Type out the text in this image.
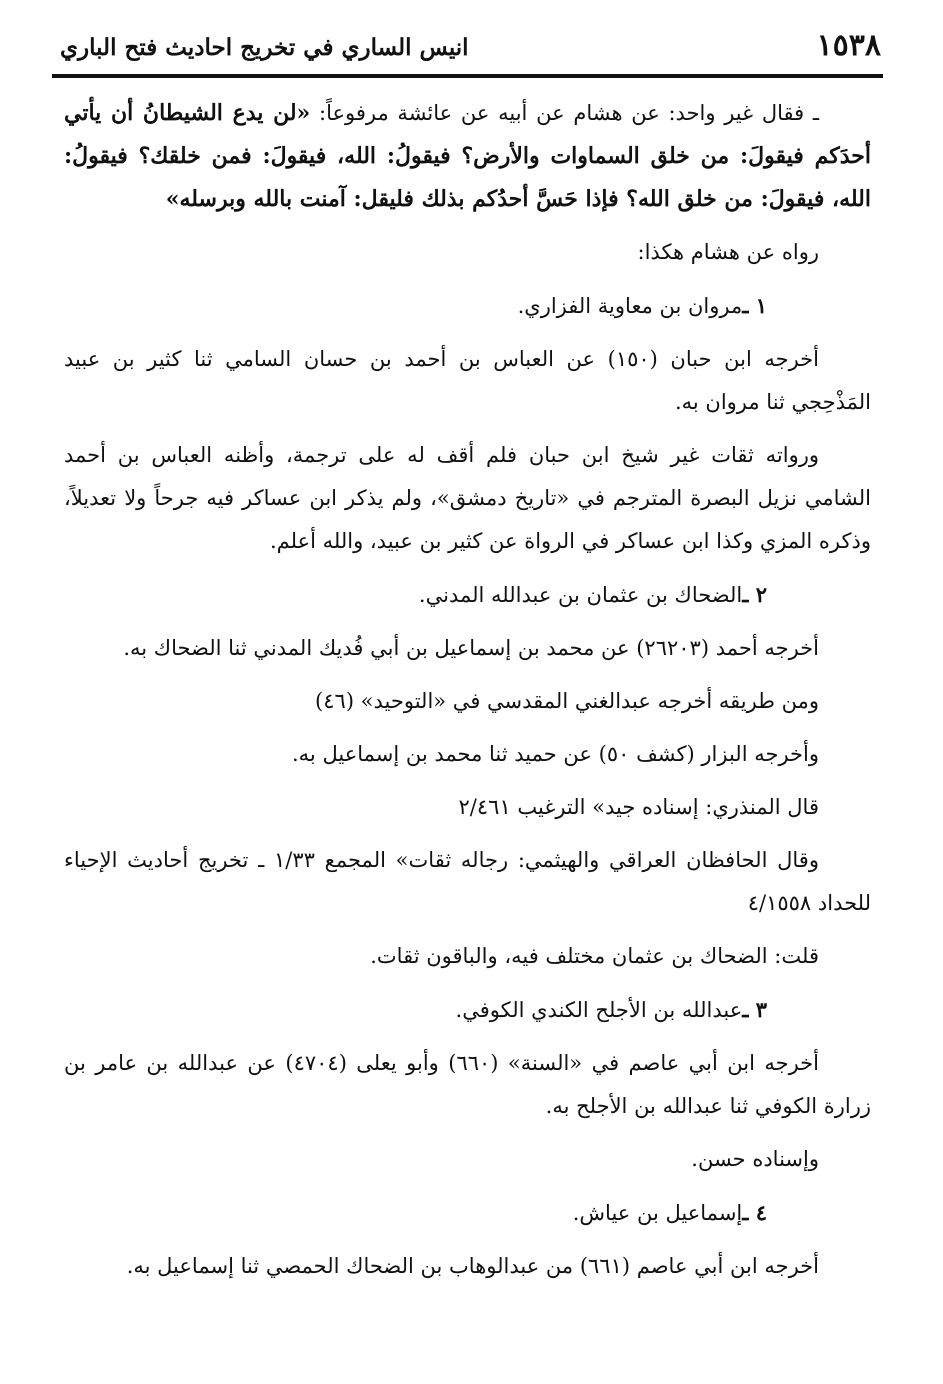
١٥٣٨
انيس الساري في تخريج احاديث فتح الباري

ـ فقال غير واحد: عن هشام عن أبيه عن عائشة مرفوعاً: «لن يدع الشيطانُ أن يأتي أحدَكم فيقولَ: من خلق السماوات والأرض؟ فيقولُ: الله، فيقولَ: فمن خلقك؟ فيقولُ: الله، فيقولَ: من خلق الله؟ فإذا حَسَّ أحدُكم بذلك فليقل: آمنت بالله وبرسله»

رواه عن هشام هكذا:

١ ـمروان بن معاوية الفزاري.

أخرجه ابن حبان (١٥٠) عن العباس بن أحمد بن حسان السامي ثنا كثير بن عبيد المَذْحِجي ثنا مروان به.

ورواته ثقات غير شيخ ابن حبان فلم أقف له على ترجمة، وأظنه العباس بن أحمد الشامي نزيل البصرة المترجم في «تاريخ دمشق»، ولم يذكر ابن عساكر فيه جرحاً ولا تعديلاً، وذكره المزي وكذا ابن عساكر في الرواة عن كثير بن عبيد، والله أعلم.

٢ ـالضحاك بن عثمان بن عبدالله المدني.

أخرجه أحمد (٢٦٢٠٣) عن محمد بن إسماعيل بن أبي فُديك المدني ثنا الضحاك به.

ومن طريقه أخرجه عبدالغني المقدسي في «التوحيد» (٤٦)

وأخرجه البزار (كشف ٥٠) عن حميد ثنا محمد بن إسماعيل به.

قال المنذري: إسناده جيد» الترغيب ٢/٤٦١

وقال الحافظان العراقي والهيثمي: رجاله ثقات» المجمع ١/٣٣ ـ تخريج أحاديث الإحياء للحداد ٤/١٥٥٨

قلت: الضحاك بن عثمان مختلف فيه، والباقون ثقات.

٣ ـعبدالله بن الأجلح الكندي الكوفي.

أخرجه ابن أبي عاصم في «السنة» (٦٦٠) وأبو يعلى (٤٧٠٤) عن عبدالله بن عامر بن زرارة الكوفي ثنا عبدالله بن الأجلح به.

وإسناده حسن.

٤ ـإسماعيل بن عياش.

أخرجه ابن أبي عاصم (٦٦١) من عبدالوهاب بن الضحاك الحمصي ثنا إسماعيل به.
